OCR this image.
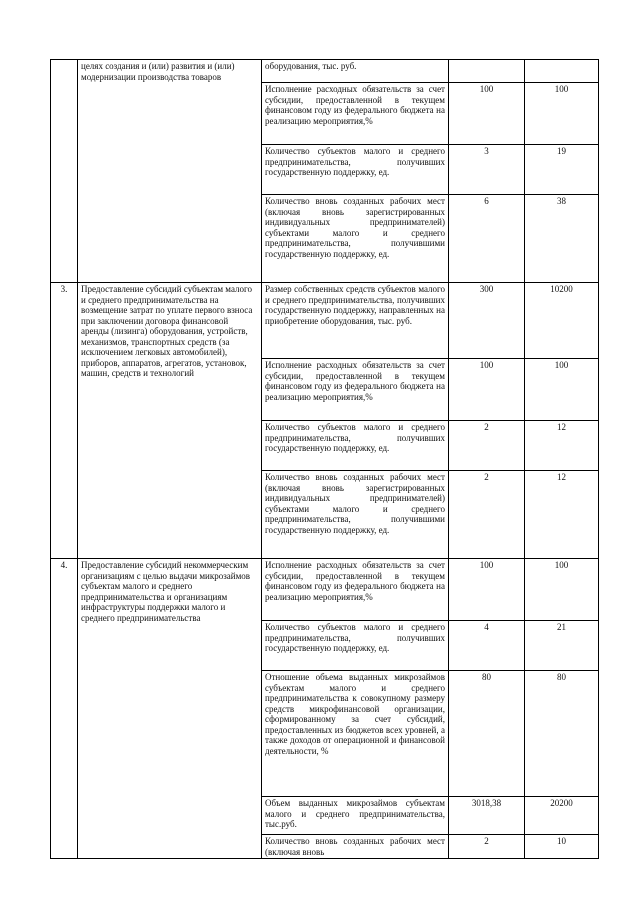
	целях создания и (или) развития и (или) модернизации производства товаров	оборудования, тыс. руб.		
		Исполнение расходных обязательств за счет субсидии, предоставленной в текущем финансовом году из федерального бюджета на реализацию мероприятия,%	100	100
		Количество субъектов малого и среднего предпринимательства, получивших государственную поддержку, ед.	3	19
		Количество вновь созданных рабочих мест (включая вновь зарегистрированных индивидуальных предпринимателей) субъектами малого и среднего предпринимательства, получившими государственную поддержку, ед.	6	38
3.	Предоставление субсидий субъектам малого и среднего предпринимательства на возмещение затрат по уплате первого взноса при заключении договора финансовой аренды (лизинга) оборудования, устройств, механизмов, транспортных средств (за исключением легковых автомобилей), приборов, аппаратов, агрегатов, установок, машин, средств и технологий	Размер собственных средств субъектов малого и среднего предпринимательства, получивших государственную поддержку, направленных на приобретение оборудования, тыс. руб.	300	10200
		Исполнение расходных обязательств за счет субсидии, предоставленной в текущем финансовом году из федерального бюджета на реализацию мероприятия,%	100	100
		Количество субъектов малого и среднего предпринимательства, получивших государственную поддержку, ед.	2	12
		Количество вновь созданных рабочих мест (включая вновь зарегистрированных индивидуальных предпринимателей) субъектами малого и среднего предпринимательства, получившими государственную поддержку, ед.	2	12
4.	Предоставление субсидий некоммерческим организациям с целью выдачи микрозаймов субъектам малого и среднего предпринимательства и организациям инфраструктуры поддержки малого и среднего предпринимательства	Исполнение расходных обязательств за счет субсидии, предоставленной в текущем финансовом году из федерального бюджета на реализацию мероприятия,%	100	100
		Количество субъектов малого и среднего предпринимательства, получивших государственную поддержку, ед.	4	21
		Отношение объема выданных микрозаймов субъектам малого и среднего предпринимательства к совокупному размеру средств микрофинансовой организации, сформированному за счет субсидий, предоставленных из бюджетов всех уровней, а также доходов от операционной и финансовой деятельности, %	80	80
		Объем выданных микрозаймов субъектам малого и среднего предпринимательства, тыс.руб.	3018,38	20200
		Количество вновь созданных рабочих мест (включая вновь	2	10
